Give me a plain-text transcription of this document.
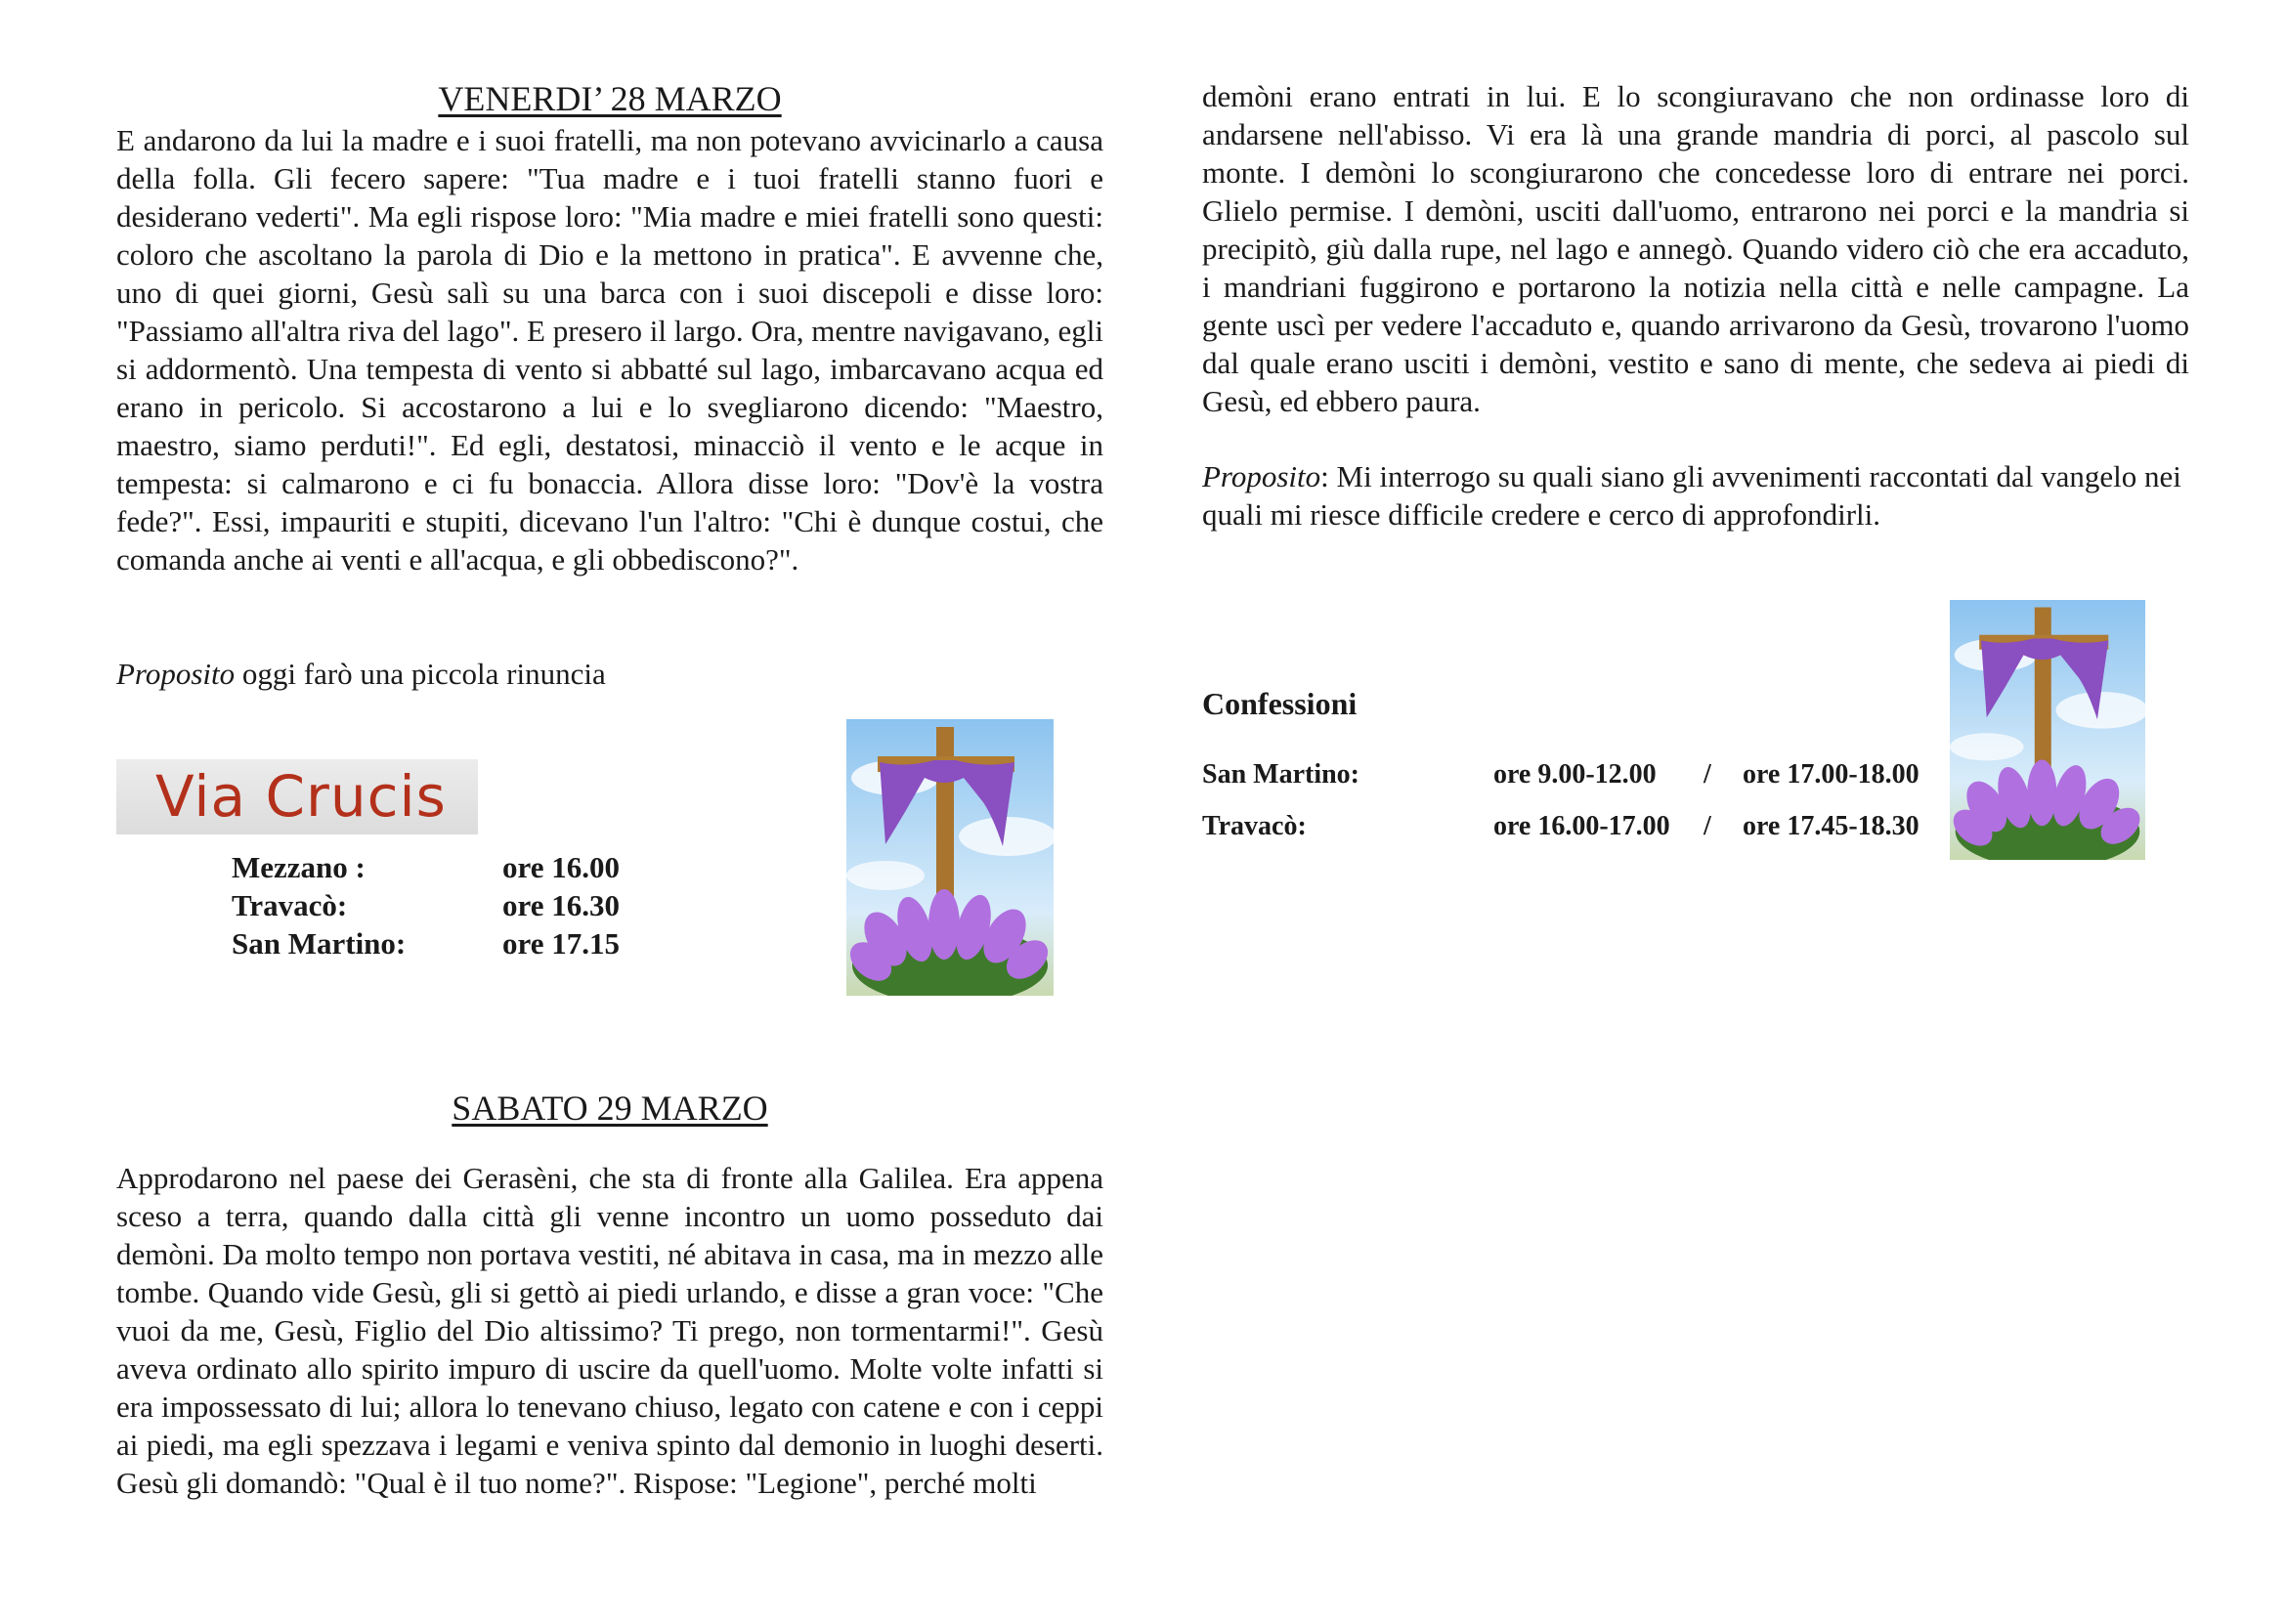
VENERDI’ 28 MARZO
E andarono da lui la madre e i suoi fratelli, ma non potevano avvicinarlo a causa della folla. Gli fecero sapere: "Tua madre e i tuoi fratelli stanno fuori e desiderano vederti". Ma egli rispose loro: "Mia madre e miei fratelli sono questi: coloro che ascoltano la parola di Dio e la mettono in pratica". E avvenne che, uno di quei giorni, Gesù salì su una barca con i suoi discepoli e disse loro: "Passiamo all'altra riva del lago". E presero il largo. Ora, mentre navigavano, egli si addormentò. Una tempesta di vento si abbatté sul lago, imbarcavano acqua ed erano in pericolo. Si accostarono a lui e lo svegliarono dicendo: "Maestro, maestro, siamo perduti!". Ed egli, destatosi, minacciò il vento e le acque in tempesta: si calmarono e ci fu bonaccia. Allora disse loro: "Dov'è la vostra fede?". Essi, impauriti e stupiti, dicevano l'un l'altro: "Chi è dunque costui, che comanda anche ai venti e all'acqua, e gli obbediscono?".
Proposito oggi farò una piccola rinuncia
Via Crucis
Mezzano :	ore 16.00
Travacò:	ore 16.30
San Martino:	ore 17.15
SABATO 29 MARZO
Approdarono nel paese dei Gerasèni, che sta di fronte alla Galilea. Era appena sceso a terra, quando dalla città gli venne incontro un uomo posseduto dai demòni. Da molto tempo non portava vestiti, né abitava in casa, ma in mezzo alle tombe. Quando vide Gesù, gli si gettò ai piedi urlando, e disse a gran voce: "Che vuoi da me, Gesù, Figlio del Dio altissimo? Ti prego, non tormentarmi!". Gesù aveva ordinato allo spirito impuro di uscire da quell'uomo. Molte volte infatti si era impossessato di lui; allora lo tenevano chiuso, legato con catene e con i ceppi ai piedi, ma egli spezzava i legami e veniva spinto dal demonio in luoghi deserti. Gesù gli domandò: "Qual è il tuo nome?". Rispose: "Legione", perché molti
demòni erano entrati in lui. E lo scongiuravano che non ordinasse loro di andarsene nell'abisso. Vi era là una grande mandria di porci, al pascolo sul monte. I demòni lo scongiurarono che concedesse loro di entrare nei porci. Glielo permise. I demòni, usciti dall'uomo, entrarono nei porci e la mandria si precipitò, giù dalla rupe, nel lago e annegò. Quando videro ciò che era accaduto, i mandriani fuggirono e portarono la notizia nella città e nelle campagne. La gente uscì per vedere l'accaduto e, quando arrivarono da Gesù, trovarono l'uomo dal quale erano usciti i demòni, vestito e sano di mente, che sedeva ai piedi di Gesù, ed ebbero paura.
Proposito: Mi interrogo su quali siano gli avvenimenti raccontati dal vangelo nei quali mi riesce difficile credere e cerco di approfondirli.
Confessioni
San Martino:	ore 9.00-12.00 / ore 17.00-18.00
Travacò:	ore 16.00-17.00 / ore 17.45-18.30
